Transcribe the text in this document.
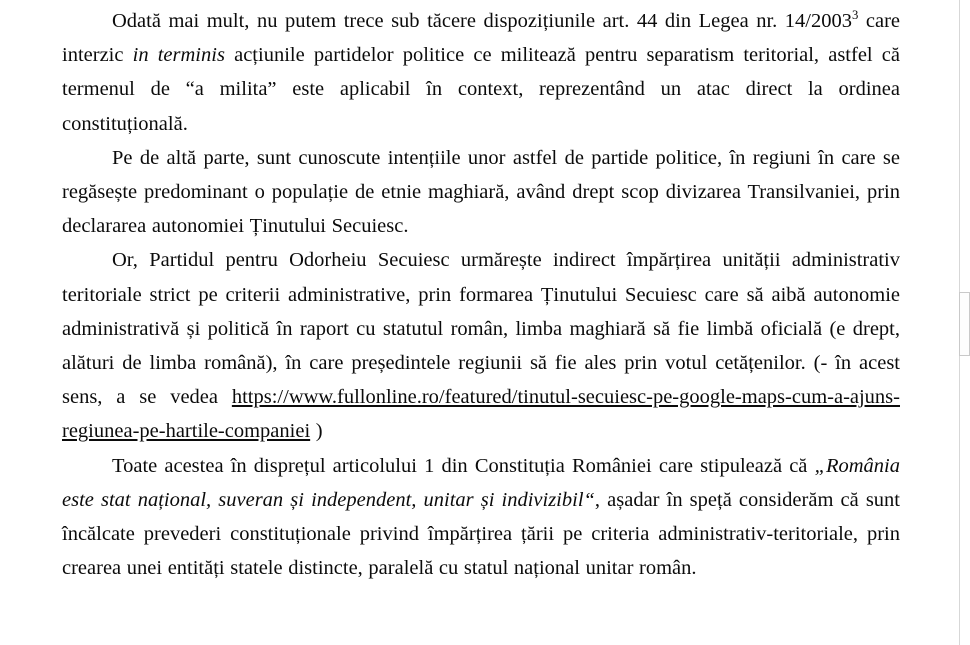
Odată mai mult, nu putem trece sub tăcere dispozițiunile art. 44 din Legea nr. 14/2003$^3$ care interzic in terminis acțiunile partidelor politice ce militează pentru separatism teritorial, astfel că termenul de “a milita” este aplicabil în context, reprezentând un atac direct la ordinea constituțională.

Pe de altă parte, sunt cunoscute intențiile unor astfel de partide politice, în regiuni în care se regăsește predominant o populație de etnie maghiară, având drept scop divizarea Transilvaniei, prin declararea autonomiei Ținutului Secuiesc.

Or, Partidul pentru Odorheiu Secuiesc urmărește indirect împărțirea unității administrativ teritoriale strict pe criterii administrative, prin formarea Ținutului Secuiesc care să aibă autonomie administrativă și politică în raport cu statutul român, limba maghiară să fie limbă oficială (e drept, alături de limba română), în care președintele regiunii să fie ales prin votul cetățenilor. (- în acest sens, a se vedea https://www.fullonline.ro/featured/tinutul-secuiesc-pe-google-maps-cum-a-ajuns-regiunea-pe-hartile-companiei )

Toate acestea în disprețul articolului 1 din Constituția României care stipulează că „România este stat național, suveran și independent, unitar și indivizibil“, așadar în speță considerăm că sunt încălcate prevederi constituționale privind împărțirea țării pe criteria administrativ-teritoriale, prin crearea unei entități statele distincte, paralelă cu statul național unitar român.
